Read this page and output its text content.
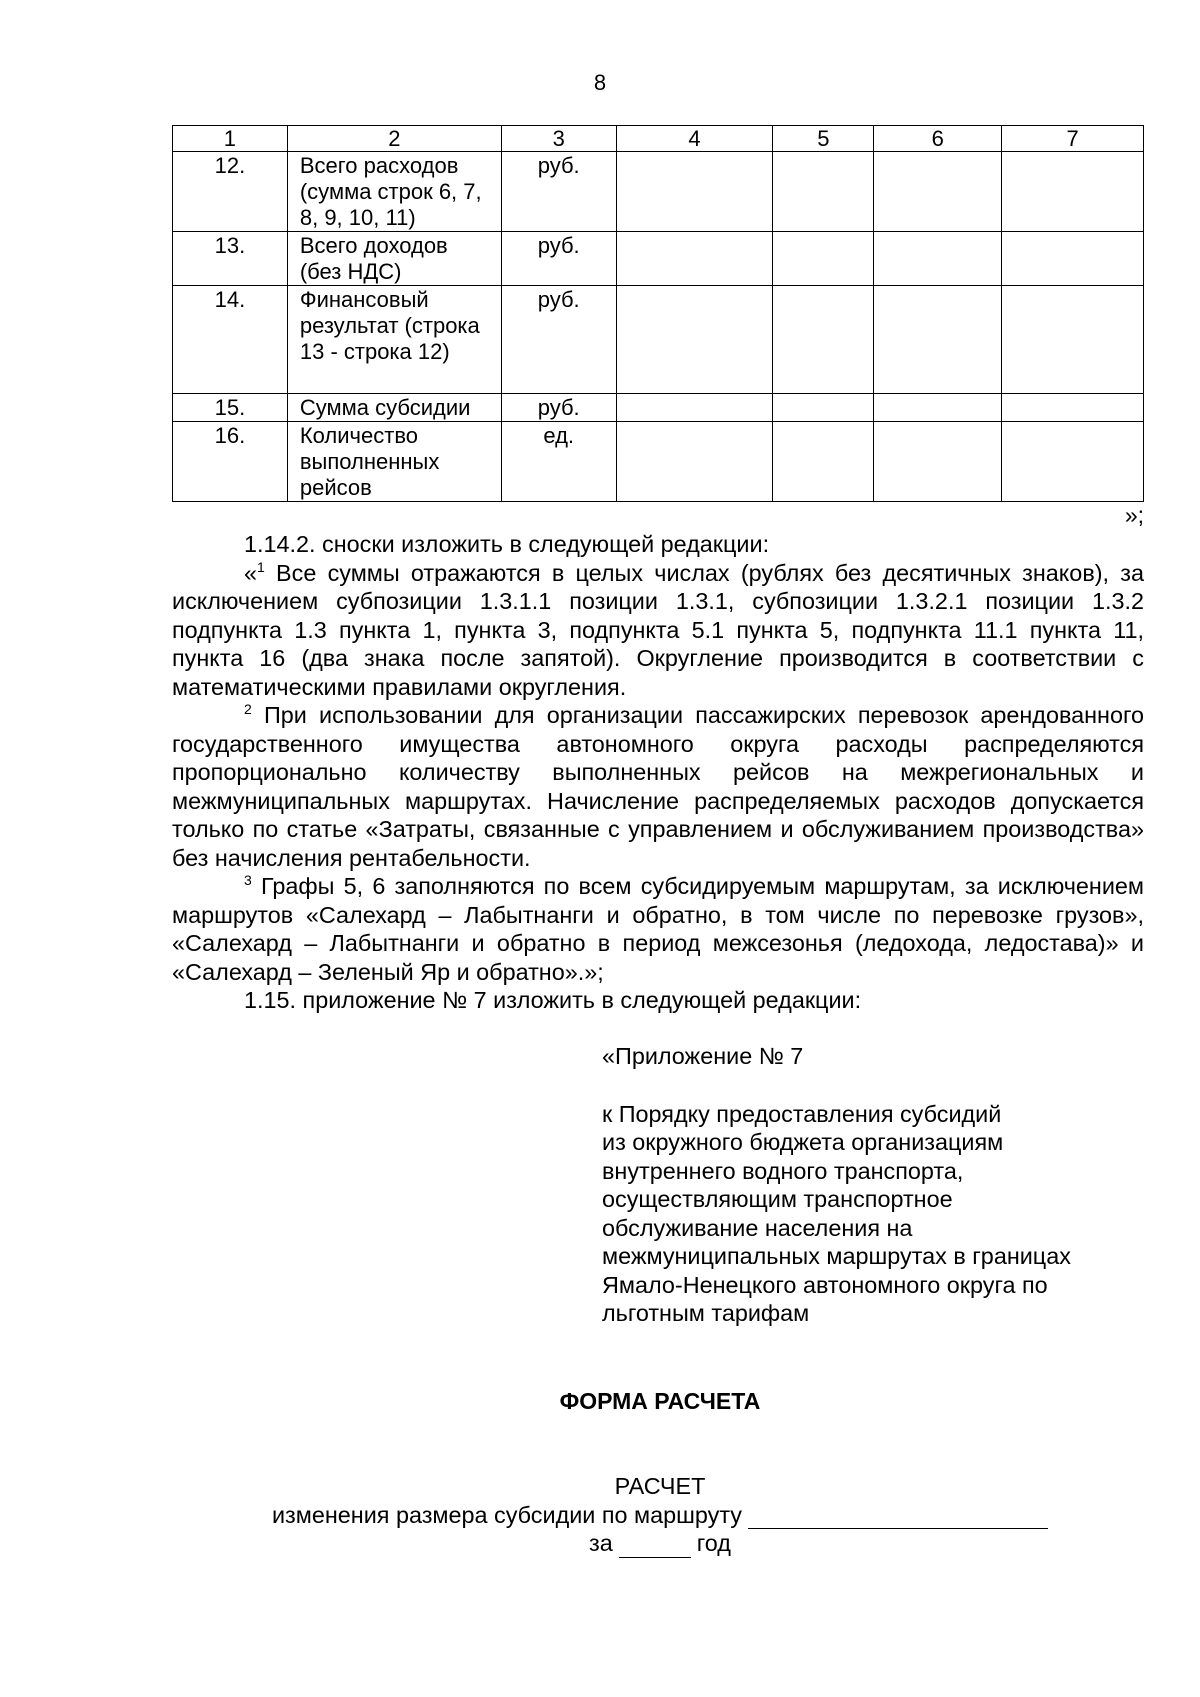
8
1	2	3	4	5	6	7
12.	Всего расходов (сумма строк 6, 7, 8, 9, 10, 11)	руб.				
13.	Всего доходов (без НДС)	руб.				
14.	Финансовый результат (строка 13 - строка 12)	руб.				
15.	Сумма субсидии	руб.				
16.	Количество выполненных рейсов	ед.				
»;

1.14.2. сноски изложить в следующей редакции:

«$^1$ Все суммы отражаются в целых числах (рублях без десятичных знаков), за исключением субпозиции 1.3.1.1 позиции 1.3.1, субпозиции 1.3.2.1 позиции 1.3.2 подпункта 1.3 пункта 1, пункта 3, подпункта 5.1 пункта 5, подпункта 11.1 пункта 11, пункта 16 (два знака после запятой). Округление производится в соответствии с математическими правилами округления.

$^2$ При использовании для организации пассажирских перевозок арендованного государственного имущества автономного округа расходы распределяются пропорционально количеству выполненных рейсов на межрегиональных и межмуниципальных маршрутах. Начисление распределяемых расходов допускается только по статье «Затраты, связанные с управлением и обслуживанием производства» без начисления рентабельности.

$^3$ Графы 5, 6 заполняются по всем субсидируемым маршрутам, за исключением маршрутов «Салехард – Лабытнанги и обратно, в том числе по перевозке грузов», «Салехард – Лабытнанги и обратно в период межсезонья (ледохода, ледостава)» и «Салехард – Зеленый Яр и обратно».»;

1.15. приложение № 7 изложить в следующей редакции:

«Приложение № 7
к Порядку предоставления субсидий
из окружного бюджета организациям
внутреннего водного транспорта,
осуществляющим транспортное
обслуживание населения на
межмуниципальных маршрутах в границах
Ямало-Ненецкого автономного округа по
льготным тарифам
ФОРМА РАСЧЕТА
РАСЧЕТ
изменения размера субсидии по маршруту
за	год
